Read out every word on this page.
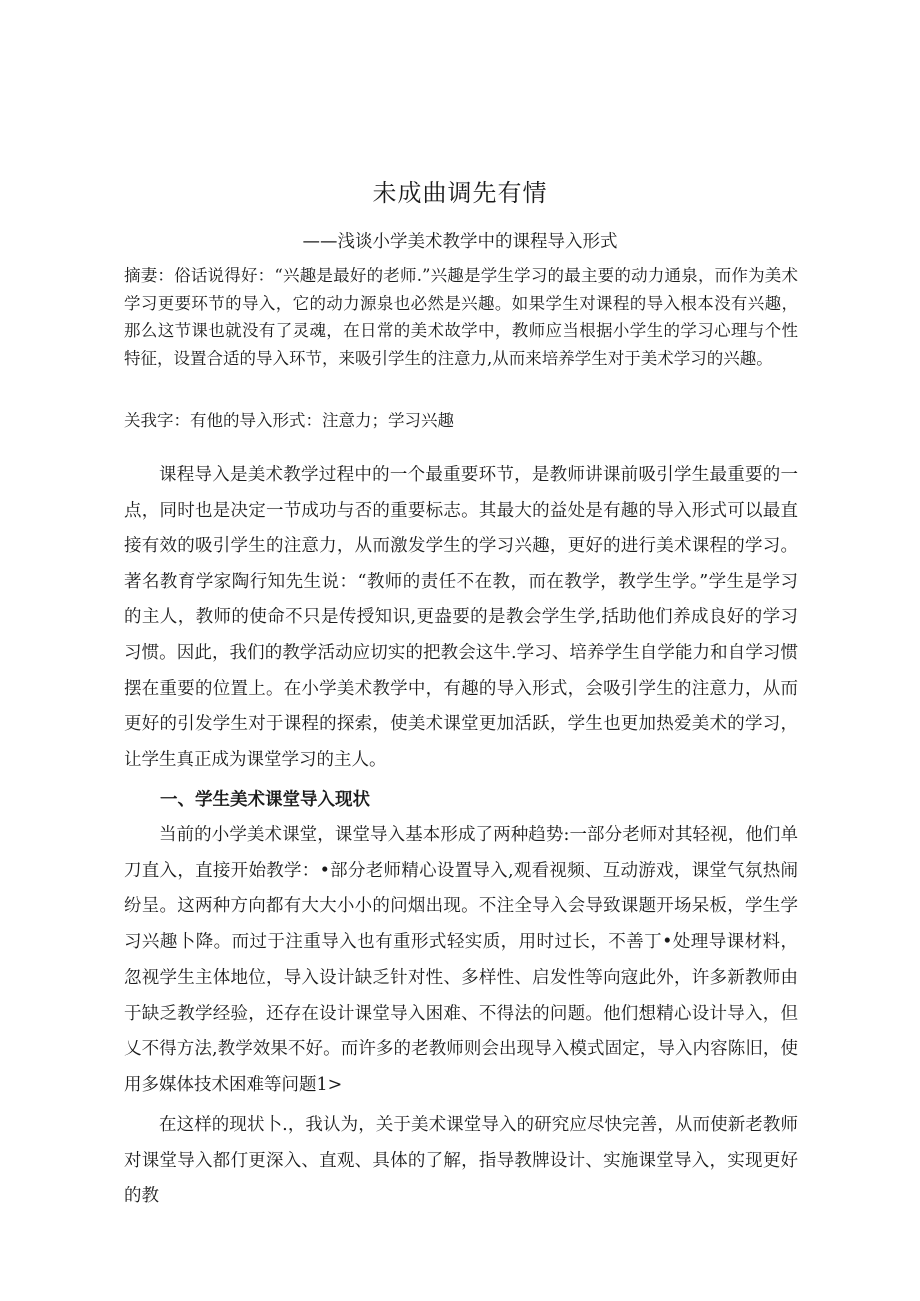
未成曲调先有情
——浅谈小学美术教学中的课程导入形式

摘妻：俗话说得好：“兴趣是最好的老师.”兴趣是学生学习的最主要的动力通泉，而作为美术学习更要环节的导入，它的动力源泉也必然是兴趣。如果学生对课程的导入根本没有兴趣，那么这节课也就没有了灵魂，在日常的美术故学中，教师应当根据小学生的学习心理与个性特征，设置合适的导入环节，来吸引学生的注意力,从而来培养学生对于美术学习的兴趣。

关我字：有他的导入形式：注意力；学习兴趣

课程导入是美术教学过程中的一个最重要环节，是教师讲课前吸引学生最重要的一点，同时也是决定一节成功与否的重要标志。其最大的益处是有趣的导入形式可以最直接有效的吸引学生的注意力，从而激发学生的学习兴趣，更好的进行美术课程的学习。著名教育学家陶行知先生说：“教师的责任不在教，而在教学，教学生学。”学生是学习的主人，教师的使命不只是传授知识,更盎要的是教会学生学,括助他们养成良好的学习习惯。因此，我们的教学活动应切实的把教会这牛.学习、培养学生自学能力和自学习惯摆在重要的位置上。在小学美术教学中，有趣的导入形式，会吸引学生的注意力，从而更好的引发学生对于课程的探索，使美术课堂更加活跃，学生也更加热爱美术的学习，让学生真正成为课堂学习的主人。

一、学生美术课堂导入现状

当前的小学美术课堂，课堂导入基本形成了两种趋势:一部分老师对其轻视，他们单刀直入，直接开始教学：•部分老师精心设置导入,观看视频、互动游戏，课堂气氛热闹纷呈。这两种方向都有大大小小的问烟出现。不注全导入会导致课题开场呆板，学生学习兴趣卜降。而过于注重导入也有重形式轻实质，用时过长，不善丁•处理导课材料，忽视学生主体地位，导入设计缺乏针对性、多样性、启发性等向寇此外，许多新教师由于缺乏教学经验，还存在设计课堂导入困难、不得法的问题。他们想精心设计导入，但乂不得方法,教学效果不好。而许多的老教师则会出现导入模式固定，导入内容陈旧，使用多媒体技术困难等问题1>

在这样的现状卜.，我认为，关于美术课堂导入的研究应尽快完善，从而使新老教师对课堂导入都仃更深入、直观、具体的了解，指导教牌设计、实施课堂导入，实现更好的教
